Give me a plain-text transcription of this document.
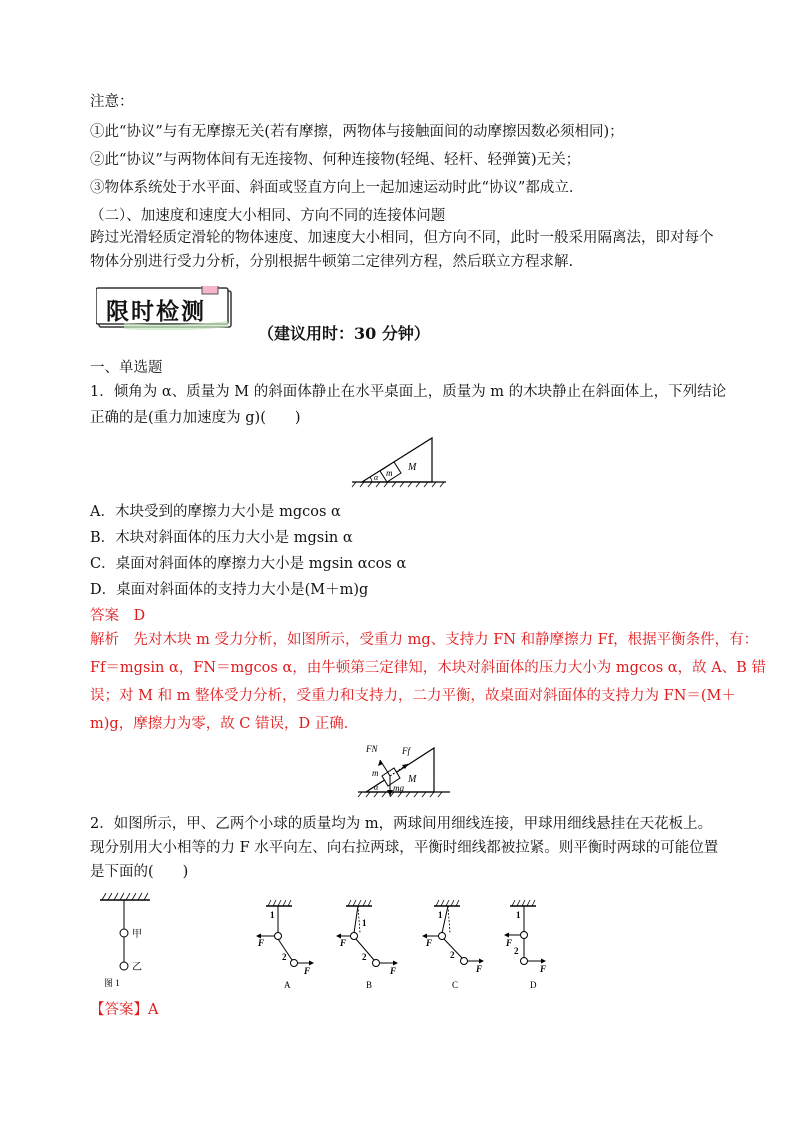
注意：
①此“协议”与有无摩擦无关(若有摩擦，两物体与接触面间的动摩擦因数必须相同)；
②此“协议”与两物体间有无连接物、何种连接物(轻绳、轻杆、轻弹簧)无关；
③物体系统处于水平面、斜面或竖直方向上一起加速运动时此“协议”都成立．
（二）、加速度和速度大小相同、方向不同的连接体问题
跨过光滑轻质定滑轮的物体速度、加速度大小相同，但方向不同，此时一般采用隔离法，即对每个
物体分别进行受力分析，分别根据牛顿第二定律列方程，然后联立方程求解.
限时检测
（建议用时：30 分钟）
一、单选题
1．倾角为 α、质量为 M 的斜面体静止在水平桌面上，质量为 m 的木块静止在斜面体上，下列结论
正确的是(重力加速度为 g)(　　)
m M
α
A．木块受到的摩擦力大小是 mgcos α
B．木块对斜面体的压力大小是 mgsin α
C．桌面对斜面体的摩擦力大小是 mgsin αcos α
D．桌面对斜面体的支持力大小是(M＋m)g
答案　D
解析　先对木块 m 受力分析，如图所示，受重力 mg、支持力 FN 和静摩擦力 Ff，根据平衡条件，有：
Ff＝mgsin α，FN＝mgcos α，由牛顿第三定律知，木块对斜面体的压力大小为 mgcos α，故 A、B 错
误；对 M 和 m 整体受力分析，受重力和支持力，二力平衡，故桌面对斜面体的支持力为 FN＝(M＋
m)g，摩擦力为零，故 C 错误，D 正确．
FN	Ff
m
M
mg
α
2．如图所示，甲、乙两个小球的质量均为 m，两球间用细线连接，甲球用细线悬挂在天花板上。
现分别用大小相等的力 F 水平向左、向右拉两球，平衡时细线都被拉紧。则平衡时两球的可能位置
是下面的(　　)
甲
乙
图 1
1
2
F
F
A
1
2
F
F
B
1
2
F
F
C
1
2
F
F
D
【答案】A
